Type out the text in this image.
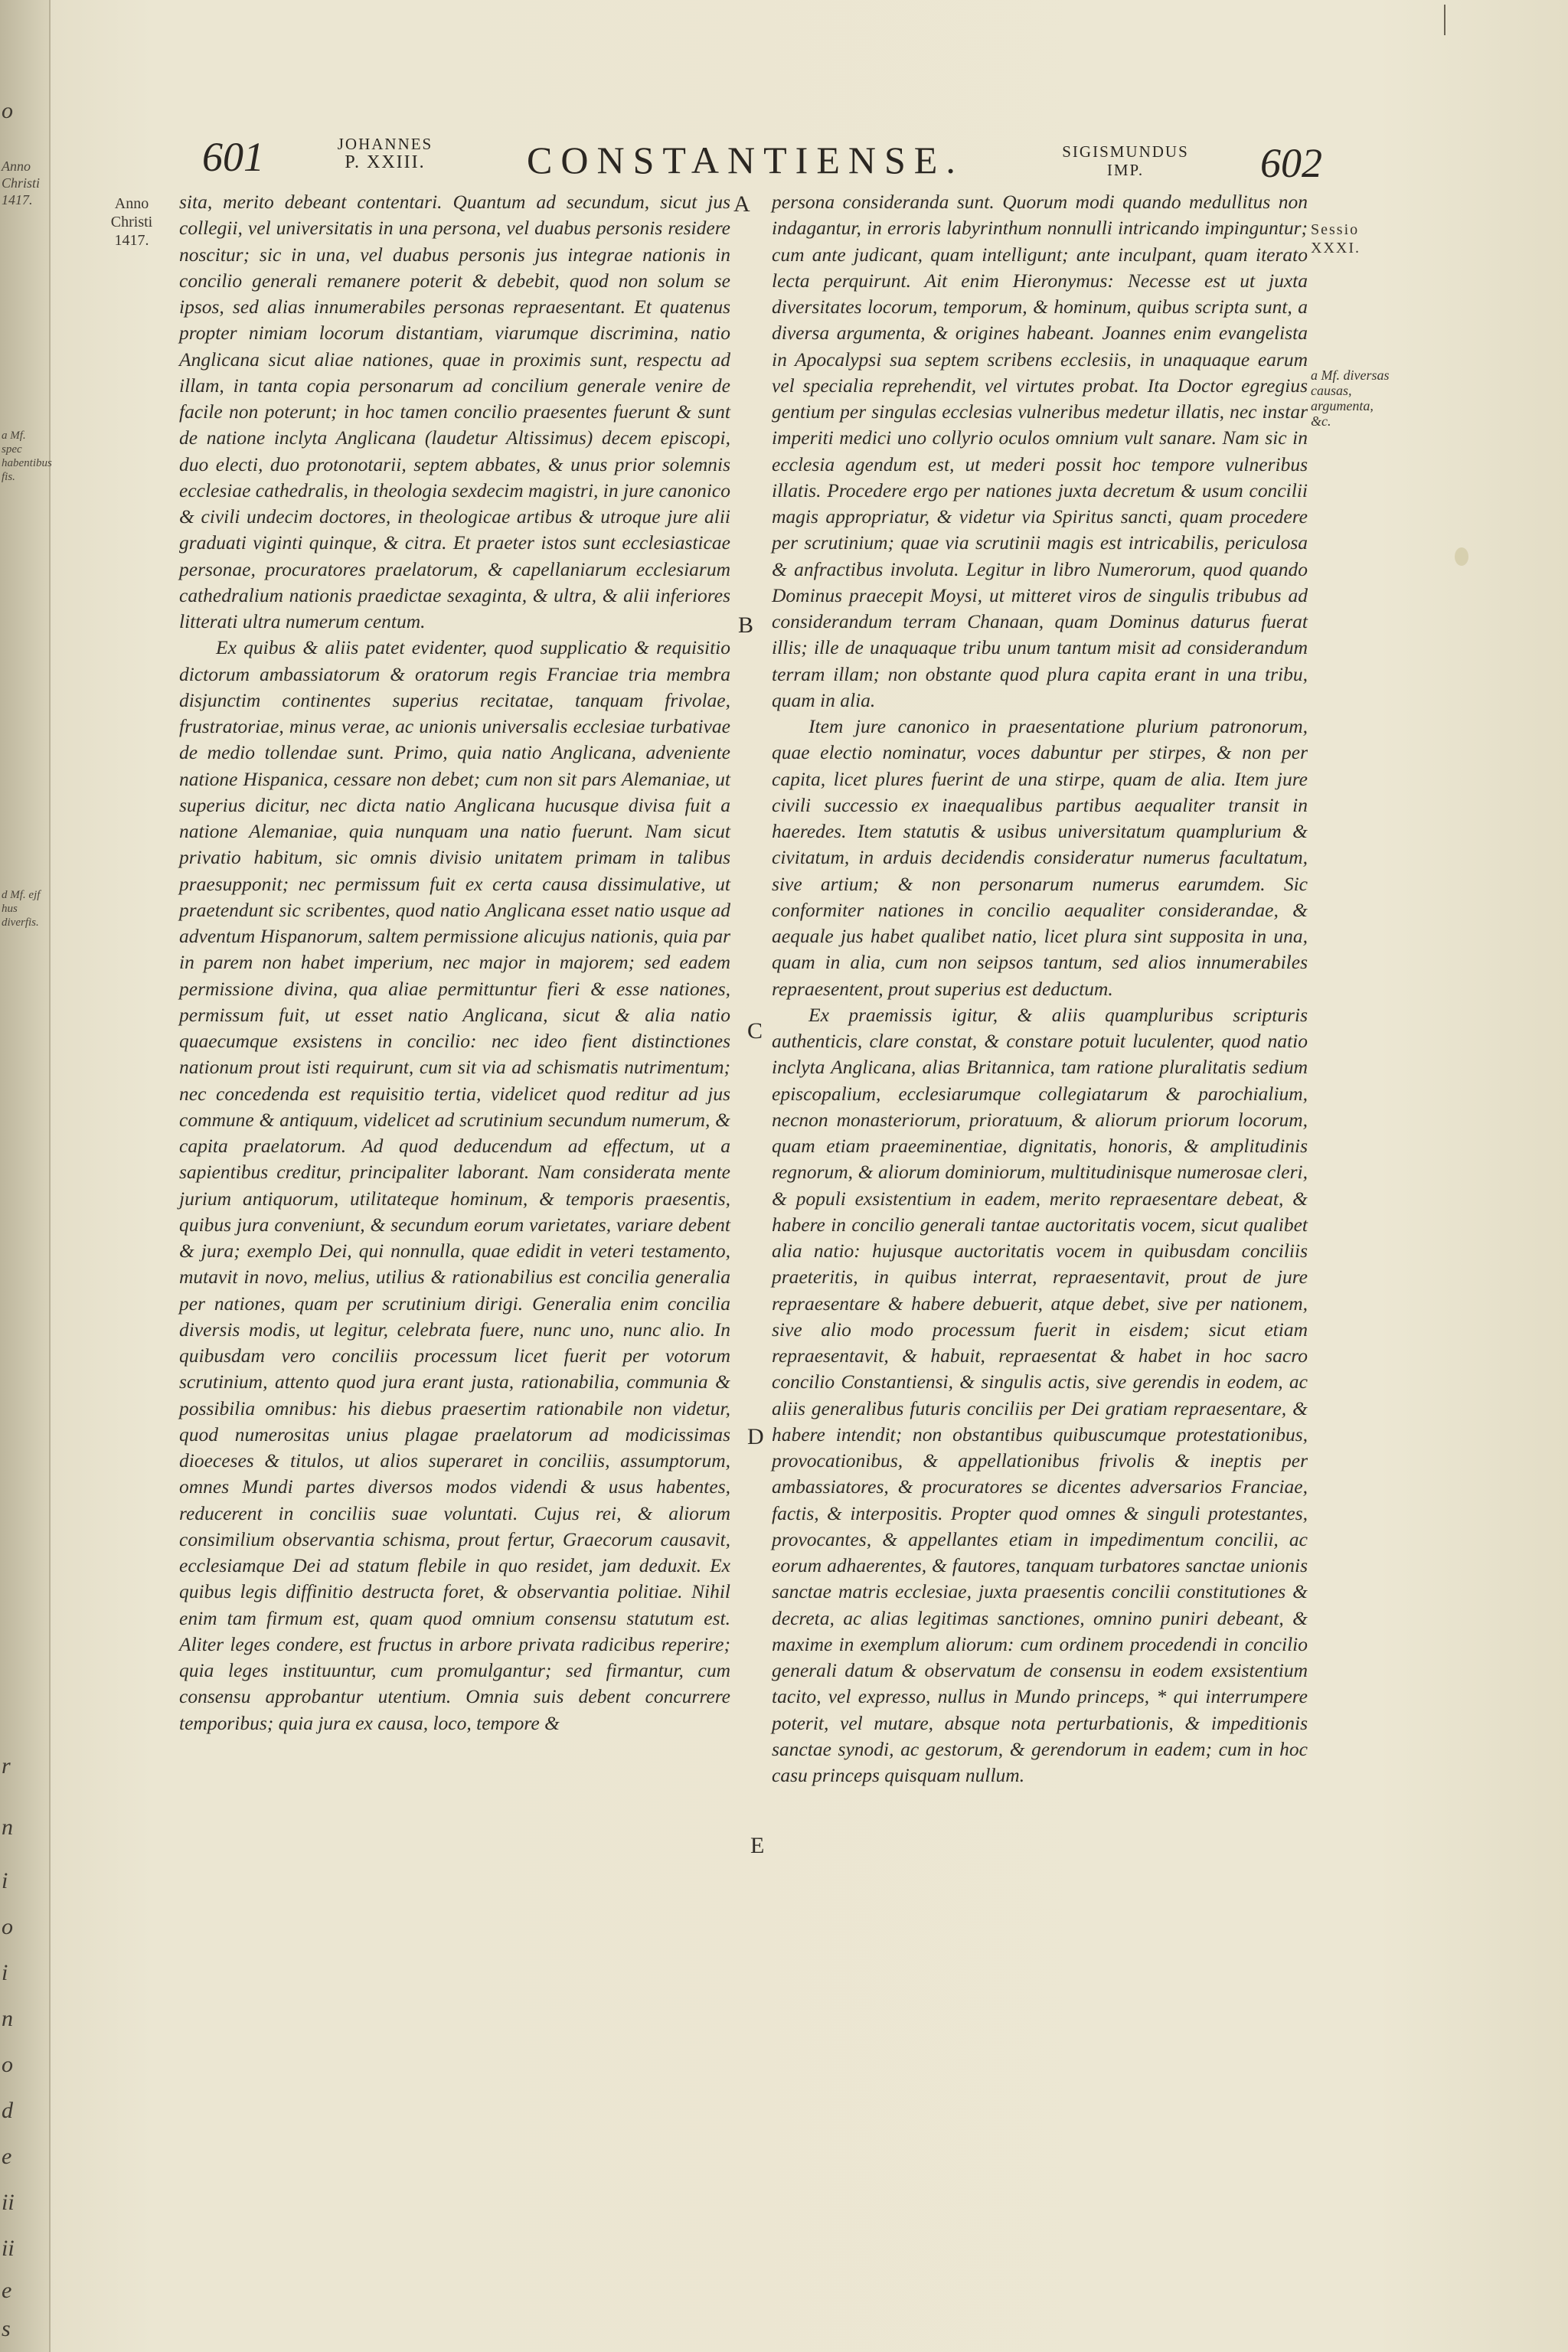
o
Anno
Christi
1417.
a Mf. spec
habentibus
fis.
d Mf. ejf
hus diverfis.
r
n
i
o
i
n
o
d
e
ii
ii
e
s
601	JOHANNES
P. XXIII.	CONSTANTIENSE.	SIGISMUNDUS
IMP.	602
Anno
Christi
1417.
Sessio
XXXI.
a Mf. diversas causas, argumenta, &c.
A
B
C
D
E

sita, merito debeant contentari. Quantum ad secundum, sicut jus collegii, vel universitatis in una persona, vel duabus personis residere noscitur; sic in una, vel duabus personis jus integrae nationis in concilio generali remanere poterit & debebit, quod non solum se ipsos, sed alias innumerabiles personas repraesentant. Et quatenus propter nimiam locorum distantiam, viarumque discrimina, natio Anglicana sicut aliae nationes, quae in proximis sunt, respectu ad illam, in tanta copia personarum ad concilium generale venire de facile non poterunt; in hoc tamen concilio praesentes fuerunt & sunt de natione inclyta Anglicana (laudetur Altissimus) decem episcopi, duo electi, duo protonotarii, septem abbates, & unus prior solemnis ecclesiae cathedralis, in theologia sexdecim magistri, in jure canonico & civili undecim doctores, in theologicae artibus & utroque jure alii graduati viginti quinque, & citra. Et praeter istos sunt ecclesiasticae personae, procuratores praelatorum, & capellaniarum ecclesiarum cathedralium nationis praedictae sexaginta, & ultra, & alii inferiores litterati ultra numerum centum.

Ex quibus & aliis patet evidenter, quod supplicatio & requisitio dictorum ambassiatorum & oratorum regis Franciae tria membra disjunctim continentes superius recitatae, tanquam frivolae, frustratoriae, minus verae, ac unionis universalis ecclesiae turbativae de medio tollendae sunt. Primo, quia natio Anglicana, adveniente natione Hispanica, cessare non debet; cum non sit pars Alemaniae, ut superius dicitur, nec dicta natio Anglicana hucusque divisa fuit a natione Alemaniae, quia nunquam una natio fuerunt. Nam sicut privatio habitum, sic omnis divisio unitatem primam in talibus praesupponit; nec permissum fuit ex certa causa dissimulative, ut praetendunt sic scribentes, quod natio Anglicana esset natio usque ad adventum Hispanorum, saltem permissione alicujus nationis, quia par in parem non habet imperium, nec major in majorem; sed eadem permissione divina, qua aliae permittuntur fieri & esse nationes, permissum fuit, ut esset natio Anglicana, sicut & alia natio quaecumque exsistens in concilio: nec ideo fient distinctiones nationum prout isti requirunt, cum sit via ad schismatis nutrimentum; nec concedenda est requisitio tertia, videlicet quod reditur ad jus commune & antiquum, videlicet ad scrutinium secundum numerum, & capita praelatorum. Ad quod deducendum ad effectum, ut a sapientibus creditur, principaliter laborant. Nam considerata mente jurium antiquorum, utilitateque hominum, & temporis praesentis, quibus jura conveniunt, & secundum eorum varietates, variare debent & jura; exemplo Dei, qui nonnulla, quae edidit in veteri testamento, mutavit in novo, melius, utilius & rationabilius est concilia generalia per nationes, quam per scrutinium dirigi. Generalia enim concilia diversis modis, ut legitur, celebrata fuere, nunc uno, nunc alio. In quibusdam vero conciliis processum licet fuerit per votorum scrutinium, attento quod jura erant justa, rationabilia, communia & possibilia omnibus: his diebus praesertim rationabile non videtur, quod numerositas unius plagae praelatorum ad modicissimas dioeceses & titulos, ut alios superaret in conciliis, assumptorum, omnes Mundi partes diversos modos videndi & usus habentes, reducerent in conciliis suae voluntati. Cujus rei, & aliorum consimilium observantia schisma, prout fertur, Graecorum causavit, ecclesiamque Dei ad statum flebile in quo residet, jam deduxit. Ex quibus legis diffinitio destructa foret, & observantia politiae. Nihil enim tam firmum est, quam quod omnium consensu statutum est. Aliter leges condere, est fructus in arbore privata radicibus reperire; quia leges instituuntur, cum promulgantur; sed firmantur, cum consensu approbantur utentium. Omnia suis debent concurrere temporibus; quia jura ex causa, loco, tempore &

persona consideranda sunt. Quorum modi quando medullitus non indagantur, in erroris labyrinthum nonnulli intricando impinguntur; cum ante judicant, quam intelligunt; ante inculpant, quam iterato lecta perquirunt. Ait enim Hieronymus: Necesse est ut juxta diversitates locorum, temporum, & hominum, quibus scripta sunt, a diversa argumenta, & origines habeant. Joannes enim evangelista in Apocalypsi sua septem scribens ecclesiis, in unaquaque earum vel specialia reprehendit, vel virtutes probat. Ita Doctor egregius gentium per singulas ecclesias vulneribus medetur illatis, nec instar imperiti medici uno collyrio oculos omnium vult sanare. Nam sic in ecclesia agendum est, ut mederi possit hoc tempore vulneribus illatis. Procedere ergo per nationes juxta decretum & usum concilii magis appropriatur, & videtur via Spiritus sancti, quam procedere per scrutinium; quae via scrutinii magis est intricabilis, periculosa & anfractibus involuta. Legitur in libro Numerorum, quod quando Dominus praecepit Moysi, ut mitteret viros de singulis tribubus ad considerandum terram Chanaan, quam Dominus daturus fuerat illis; ille de unaquaque tribu unum tantum misit ad considerandum terram illam; non obstante quod plura capita erant in una tribu, quam in alia.

Item jure canonico in praesentatione plurium patronorum, quae electio nominatur, voces dabuntur per stirpes, & non per capita, licet plures fuerint de una stirpe, quam de alia. Item jure civili successio ex inaequalibus partibus aequaliter transit in haeredes. Item statutis & usibus universitatum quamplurium & civitatum, in arduis decidendis consideratur numerus facultatum, sive artium; & non personarum numerus earumdem. Sic conformiter nationes in concilio aequaliter considerandae, & aequale jus habet qualibet natio, licet plura sint supposita in una, quam in alia, cum non seipsos tantum, sed alios innumerabiles repraesentent, prout superius est deductum.

Ex praemissis igitur, & aliis quampluribus scripturis authenticis, clare constat, & constare potuit luculenter, quod natio inclyta Anglicana, alias Britannica, tam ratione pluralitatis sedium episcopalium, ecclesiarumque collegiatarum & parochialium, necnon monasteriorum, prioratuum, & aliorum priorum locorum, quam etiam praeeminentiae, dignitatis, honoris, & amplitudinis regnorum, & aliorum dominiorum, multitudinisque numerosae cleri, & populi exsistentium in eadem, merito repraesentare debeat, & habere in concilio generali tantae auctoritatis vocem, sicut qualibet alia natio: hujusque auctoritatis vocem in quibusdam conciliis praeteritis, in quibus interrat, repraesentavit, prout de jure repraesentare & habere debuerit, atque debet, sive per nationem, sive alio modo processum fuerit in eisdem; sicut etiam repraesentavit, & habuit, repraesentat & habet in hoc sacro concilio Constantiensi, & singulis actis, sive gerendis in eodem, ac aliis generalibus futuris conciliis per Dei gratiam repraesentare, & habere intendit; non obstantibus quibuscumque protestationibus, provocationibus, & appellationibus frivolis & ineptis per ambassiatores, & procuratores se dicentes adversarios Franciae, factis, & interpositis. Propter quod omnes & singuli protestantes, provocantes, & appellantes etiam in impedimentum concilii, ac eorum adhaerentes, & fautores, tanquam turbatores sanctae unionis sanctae matris ecclesiae, juxta praesentis concilii constitutiones & decreta, ac alias legitimas sanctiones, omnino puniri debeant, & maxime in exemplum aliorum: cum ordinem procedendi in concilio generali datum & observatum de consensu in eodem exsistentium tacito, vel expresso, nullus in Mundo princeps, * qui interrumpere poterit, vel mutare, absque nota perturbationis, & impeditionis sanctae synodi, ac gestorum, & gerendorum in eadem; cum in hoc casu princeps quisquam nullum.
